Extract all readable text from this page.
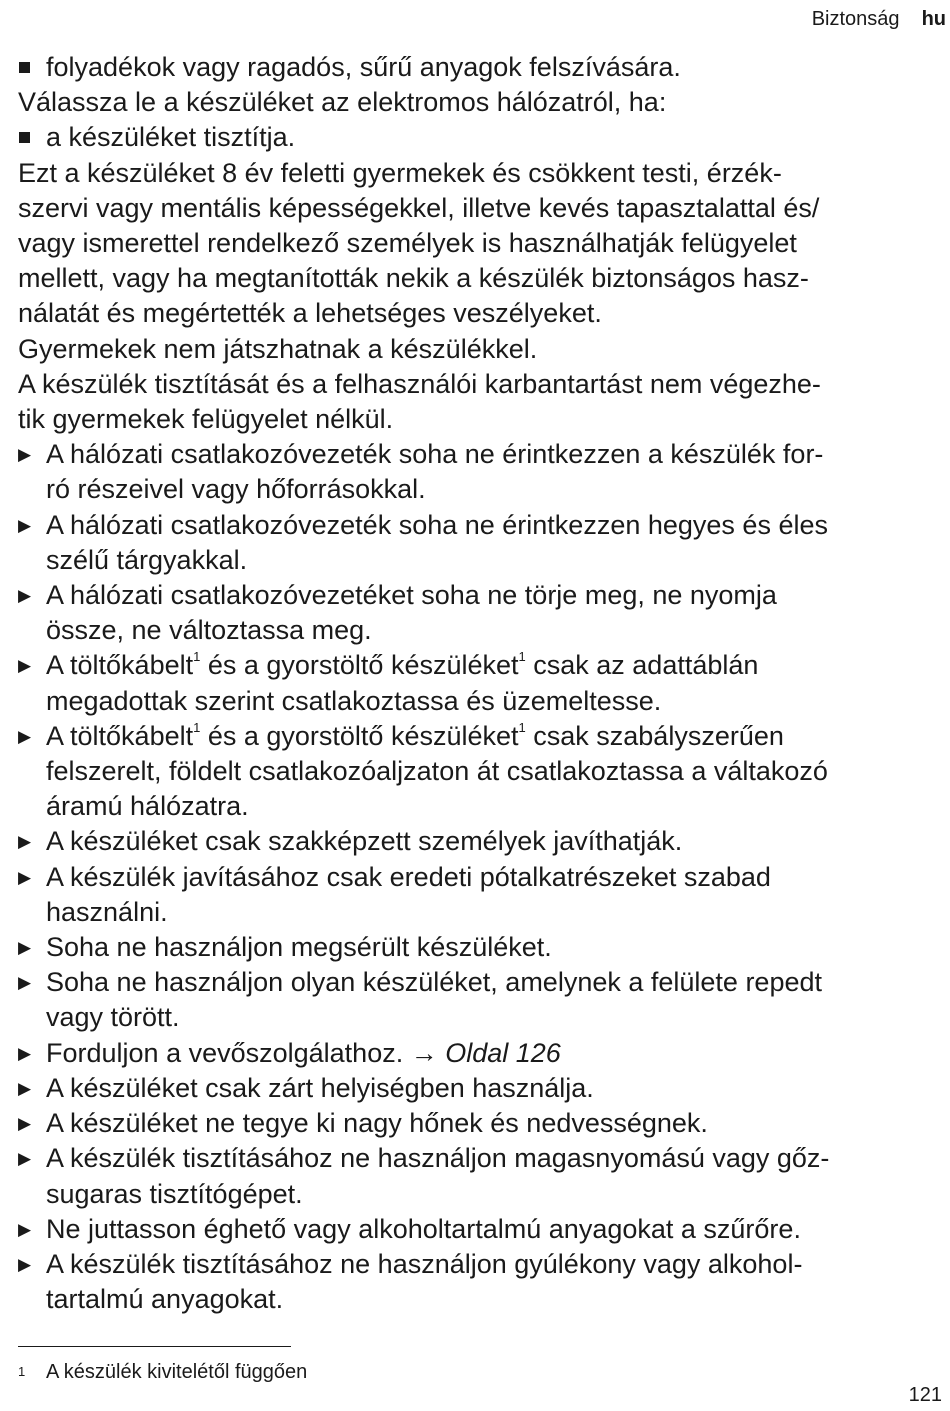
Biztonság hu
folyadékok vagy ragadós, sűrű anyagok felszívására.
Válassza le a készüléket az elektromos hálózatról, ha:
a készüléket tisztítja.
Ezt a készüléket 8 év feletti gyermekek és csökkent testi, érzék-
szervi vagy mentális képességekkel, illetve kevés tapasztalattal és/
vagy ismerettel rendelkező személyek is használhatják felügyelet
mellett, vagy ha megtanították nekik a készülék biztonságos hasz-
nálatát és megértették a lehetséges veszélyeket.
Gyermekek nem játszhatnak a készülékkel.
A készülék tisztítását és a felhasználói karbantartást nem végezhe-
tik gyermekek felügyelet nélkül.
▶ A hálózati csatlakozóvezeték soha ne érintkezzen a készülék for-
ró részeivel vagy hőforrásokkal.
▶ A hálózati csatlakozóvezeték soha ne érintkezzen hegyes és éles
szélű tárgyakkal.
▶ A hálózati csatlakozóvezetéket soha ne törje meg, ne nyomja
össze, ne változtassa meg.
▶ A töltőkábelt$^1$ és a gyorstöltő készüléket$^1$ csak az adattáblán
megadottak szerint csatlakoztassa és üzemeltesse.
▶ A töltőkábelt$^1$ és a gyorstöltő készüléket$^1$ csak szabályszerűen
felszerelt, földelt csatlakozóaljzaton át csatlakoztassa a váltakozó
áramú hálózatra.
▶ A készüléket csak szakképzett személyek javíthatják.
▶ A készülék javításához csak eredeti pótalkatrészeket szabad
használni.
▶ Soha ne használjon megsérült készüléket.
▶ Soha ne használjon olyan készüléket, amelynek a felülete repedt
vagy törött.
▶ Forduljon a vevőszolgálathoz. → Oldal 126
▶ A készüléket csak zárt helyiségben használja.
▶ A készüléket ne tegye ki nagy hőnek és nedvességnek.
▶ A készülék tisztításához ne használjon magasnyomású vagy gőz-
sugaras tisztítógépet.
▶ Ne juttasson éghető vagy alkoholtartalmú anyagokat a szűrőre.
▶ A készülék tisztításához ne használjon gyúlékony vagy alkohol-
tartalmú anyagokat.
$^1$ A készülék kivitelétől függően
121
